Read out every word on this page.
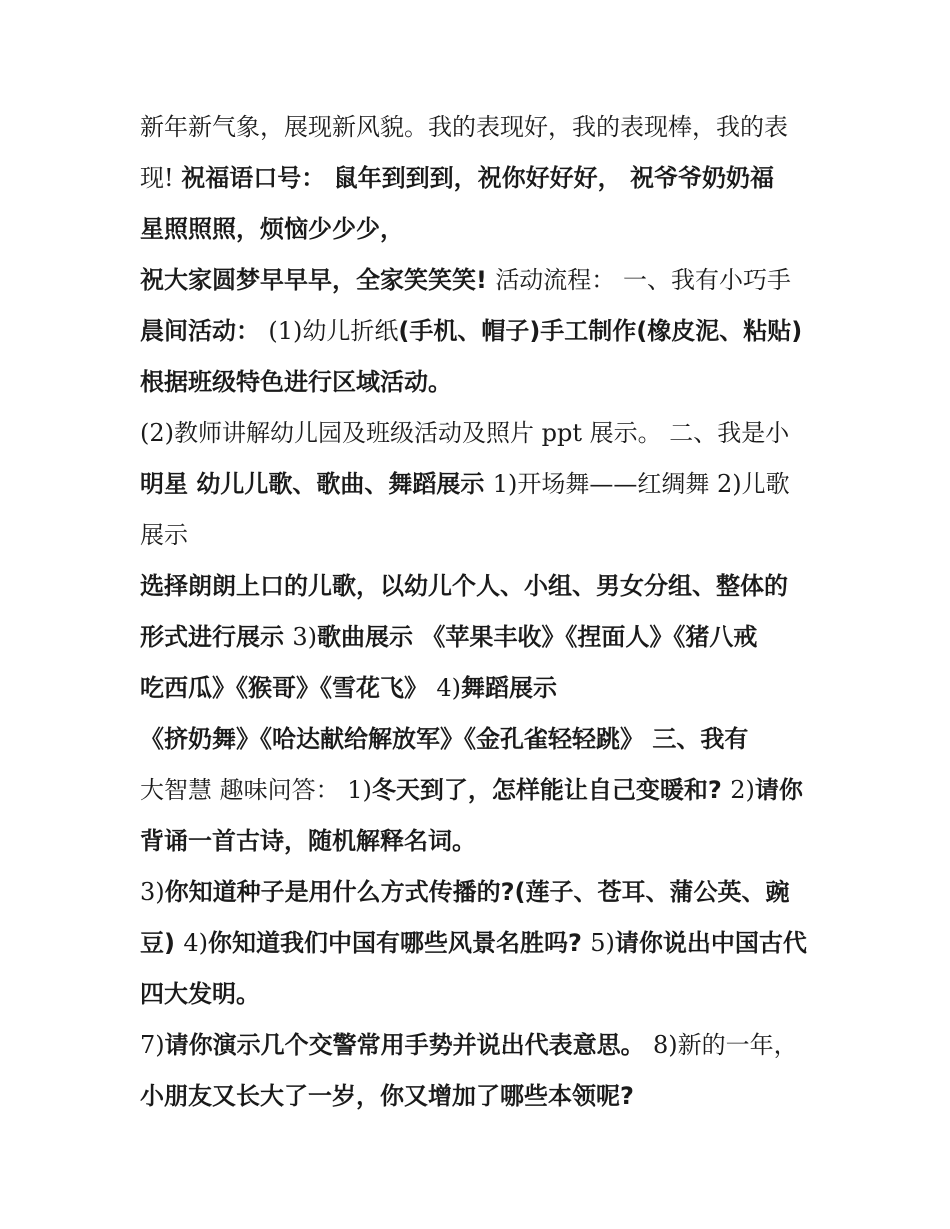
新年新气象，展现新风貌。我的表现好，我的表现棒，我的表
现! 祝福语口号： 鼠年到到到，祝你好好好， 祝爷爷奶奶福
星照照照，烦恼少少少，
祝大家圆梦早早早，全家笑笑笑! 活动流程： 一、我有小巧手
晨间活动： (1)幼儿折纸(手机、帽子)手工制作(橡皮泥、粘贴)
根据班级特色进行区域活动。
(2)教师讲解幼儿园及班级活动及照片 ppt 展示。 二、我是小
明星 幼儿儿歌、歌曲、舞蹈展示 1)开场舞——红绸舞 2)儿歌
展示
选择朗朗上口的儿歌，以幼儿个人、小组、男女分组、整体的
形式进行展示 3)歌曲展示 《苹果丰收》《捏面人》《猪八戒
吃西瓜》《猴哥》《雪花飞》 4)舞蹈展示
《挤奶舞》《哈达献给解放军》《金孔雀轻轻跳》 三、我有
大智慧 趣味问答： 1)冬天到了，怎样能让自己变暖和? 2)请你
背诵一首古诗，随机解释名词。
3)你知道种子是用什么方式传播的?(莲子、苍耳、蒲公英、豌
豆) 4)你知道我们中国有哪些风景名胜吗? 5)请你说出中国古代
四大发明。
7)请你演示几个交警常用手势并说出代表意思。 8)新的一年，
小朋友又长大了一岁，你又增加了哪些本领呢?
